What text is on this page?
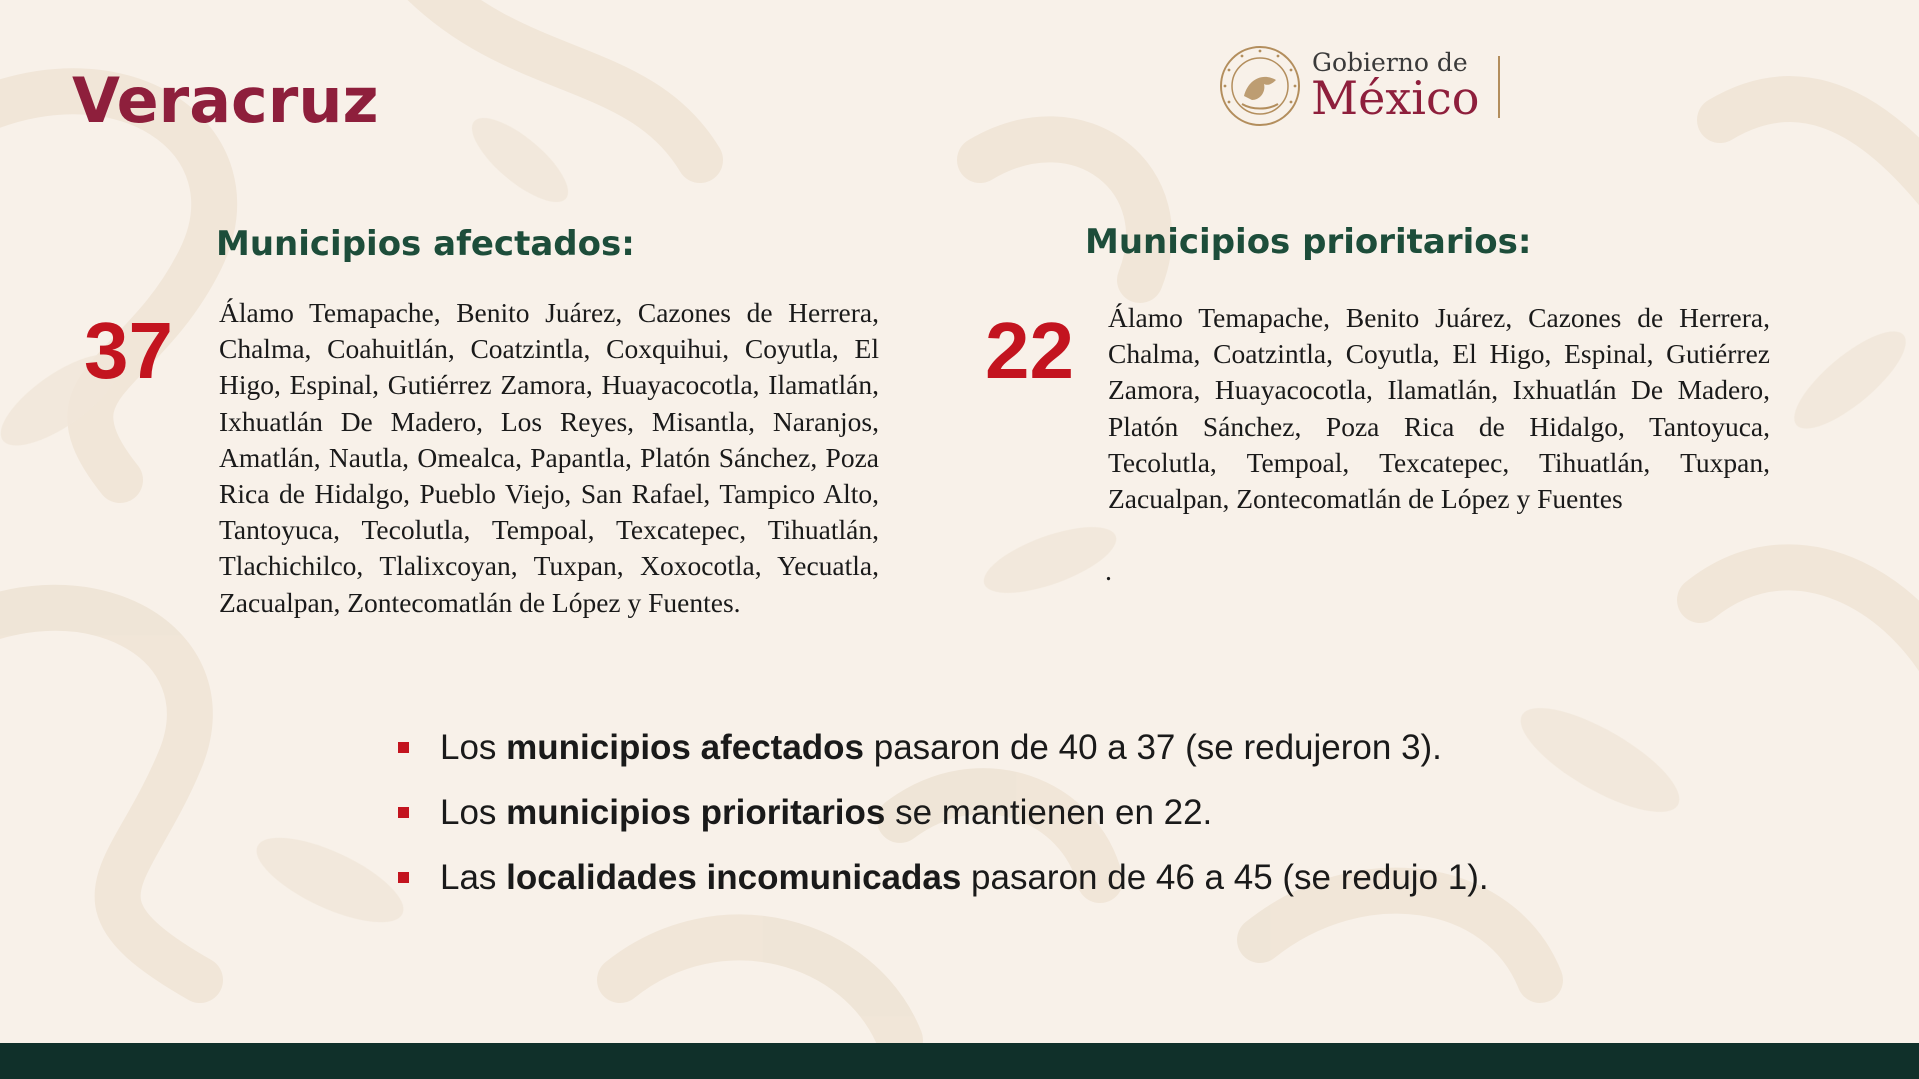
Veracruz
Gobierno de
México
Municipios afectados:
37 Álamo Temapache, Benito Juárez, Cazones de Herrera, Chalma, Coahuitlán, Coatzintla, Coxquihui, Coyutla, El Higo, Espinal, Gutiérrez Zamora, Huayacocotla, Ilamatlán, Ixhuatlán De Madero, Los Reyes, Misantla, Naranjos, Amatlán, Nautla, Omealca, Papantla, Platón Sánchez, Poza Rica de Hidalgo, Pueblo Viejo, San Rafael, Tampico Alto, Tantoyuca, Tecolutla, Tempoal, Texcatepec, Tihuatlán, Tlachichilco, Tlalixcoyan, Tuxpan, Xoxocotla, Yecuatla, Zacualpan, Zontecomatlán de López y Fuentes.

Municipios prioritarios:
22 Álamo Temapache, Benito Juárez, Cazones de Herrera, Chalma, Coatzintla, Coyutla, El Higo, Espinal, Gutiérrez Zamora, Huayacocotla, Ilamatlán, Ixhuatlán De Madero, Platón Sánchez, Poza Rica de Hidalgo, Tantoyuca, Tecolutla, Tempoal, Texcatepec, Tihuatlán, Tuxpan, Zacualpan, Zontecomatlán de López y Fuentes

.
Los municipios afectados pasaron de 40 a 37 (se redujeron 3).
Los municipios prioritarios se mantienen en 22.
Las localidades incomunicadas pasaron de 46 a 45 (se redujo 1).
